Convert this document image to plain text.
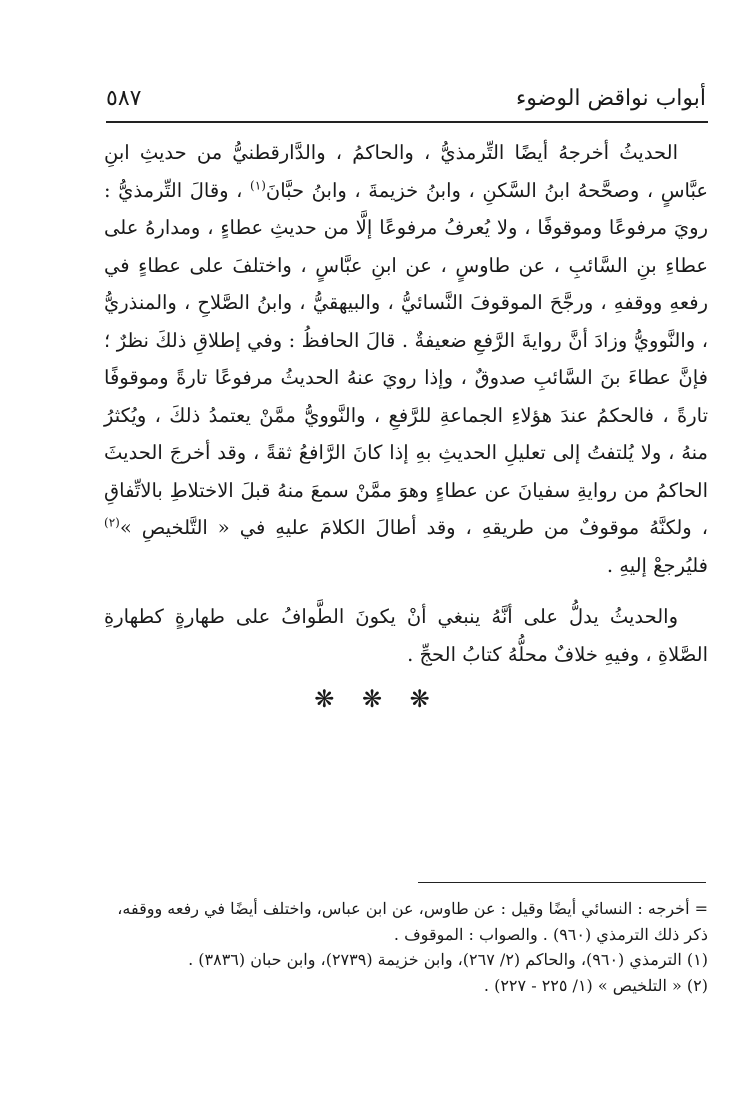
أبواب نواقض الوضوء
٥٨٧

الحديثُ أخرجهُ أيضًا التِّرمذيُّ ، والحاكمُ ، والدَّارقطنيُّ من حديثِ ابنِ عبَّاسٍ ، وصحَّحهُ ابنُ السَّكنِ ، وابنُ خزيمةَ ، وابنُ حبَّانَ$^{(١)}$ ، وقالَ التِّرمذيُّ : رويَ مرفوعًا وموقوفًا ، ولا يُعرفُ مرفوعًا إلَّا من حديثِ عطاءٍ ، ومدارهُ على عطاءِ بنِ السَّائبِ ، عن طاوسٍ ، عن ابنِ عبَّاسٍ ، واختلفَ على عطاءٍ في رفعهِ ووقفهِ ، ورجَّحَ الموقوفَ النَّسائيُّ ، والبيهقيُّ ، وابنُ الصَّلاحِ ، والمنذريُّ ، والنَّوويُّ وزادَ أنَّ روايةَ الرَّفعِ ضعيفةٌ . قالَ الحافظُ : وفي إطلاقِ ذلكَ نظرٌ ؛ فإنَّ عطاءَ بنَ السَّائبِ صدوقٌ ، وإذا رويَ عنهُ الحديثُ مرفوعًا تارةً وموقوفًا تارةً ، فالحكمُ عندَ هؤلاءِ الجماعةِ للرَّفعِ ، والنَّوويُّ ممَّنْ يعتمدُ ذلكَ ، ويُكثرُ منهُ ، ولا يُلتفتُ إلى تعليلِ الحديثِ بهِ إذا كانَ الرَّافعُ ثقةً ، وقد أخرجَ الحديثَ الحاكمُ من روايةِ سفيانَ عن عطاءٍ وهوَ ممَّنْ سمعَ منهُ قبلَ الاختلاطِ بالاتِّفاقِ ، ولكنَّهُ موقوفٌ من طريقهِ ، وقد أطالَ الكلامَ عليهِ في « التَّلخيصِ »$^{(٢)}$ فليُرجعْ إليهِ .

والحديثُ يدلُّ على أنَّهُ ينبغي أنْ يكونَ الطَّوافُ على طهارةٍ كطهارةِ الصَّلاةِ ، وفيهِ خلافٌ محلُّهُ كتابُ الحجِّ .

❋ ❋ ❋

= أخرجه : النسائي أيضًا وقيل : عن طاوس، عن ابن عباس، واختلف أيضًا في رفعه ووقفه، ذكر ذلك الترمذي (٩٦٠) . والصواب : الموقوف .

(١) الترمذي (٩٦٠)، والحاكم (٢/ ٢٦٧)، وابن خزيمة (٢٧٣٩)، وابن حبان (٣٨٣٦) .

(٢) « التلخيص » (١/ ٢٢٥ - ٢٢٧) .
